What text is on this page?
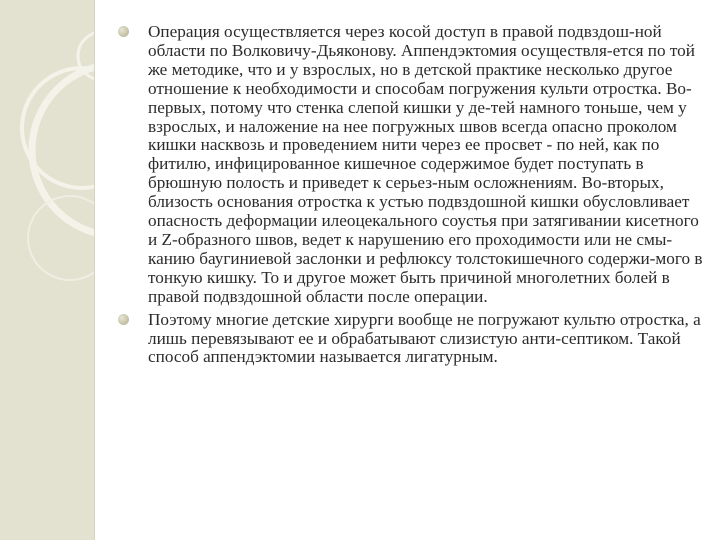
Операция осуществляется через косой доступ в правой подвздош-ной области по Волковичу-Дьяконову. Аппендэктомия осуществля-ется по той же методике, что и у взрослых, но в детской практике несколько другое отношение к необходимости и способам погружения культи отростка. Во-первых, потому что стенка слепой кишки у де-тей намного тоньше, чем у взрослых, и наложение на нее погружных швов всегда опасно проколом кишки насквозь и проведением нити через ее просвет - по ней, как по фитилю, инфицированное кишечное содержимое будет поступать в брюшную полость и приведет к серьез-ным осложнениям. Во-вторых, близость основания отростка к устью подвздошной кишки обусловливает опасность деформации илеоцекального соустья при затягивании кисетного и Z-образного швов, ведет к нарушению его проходимости или не смы-канию баугиниевой заслонки и рефлюксу толстокишечного содержи-мого в тонкую кишку. То и другое может быть причиной многолетних болей в правой подвздошной области после операции.
Поэтому многие детские хирурги вообще не погружают культю отростка, а лишь перевязывают ее и обрабатывают слизистую анти-септиком. Такой способ аппендэктомии называется лигатурным.
